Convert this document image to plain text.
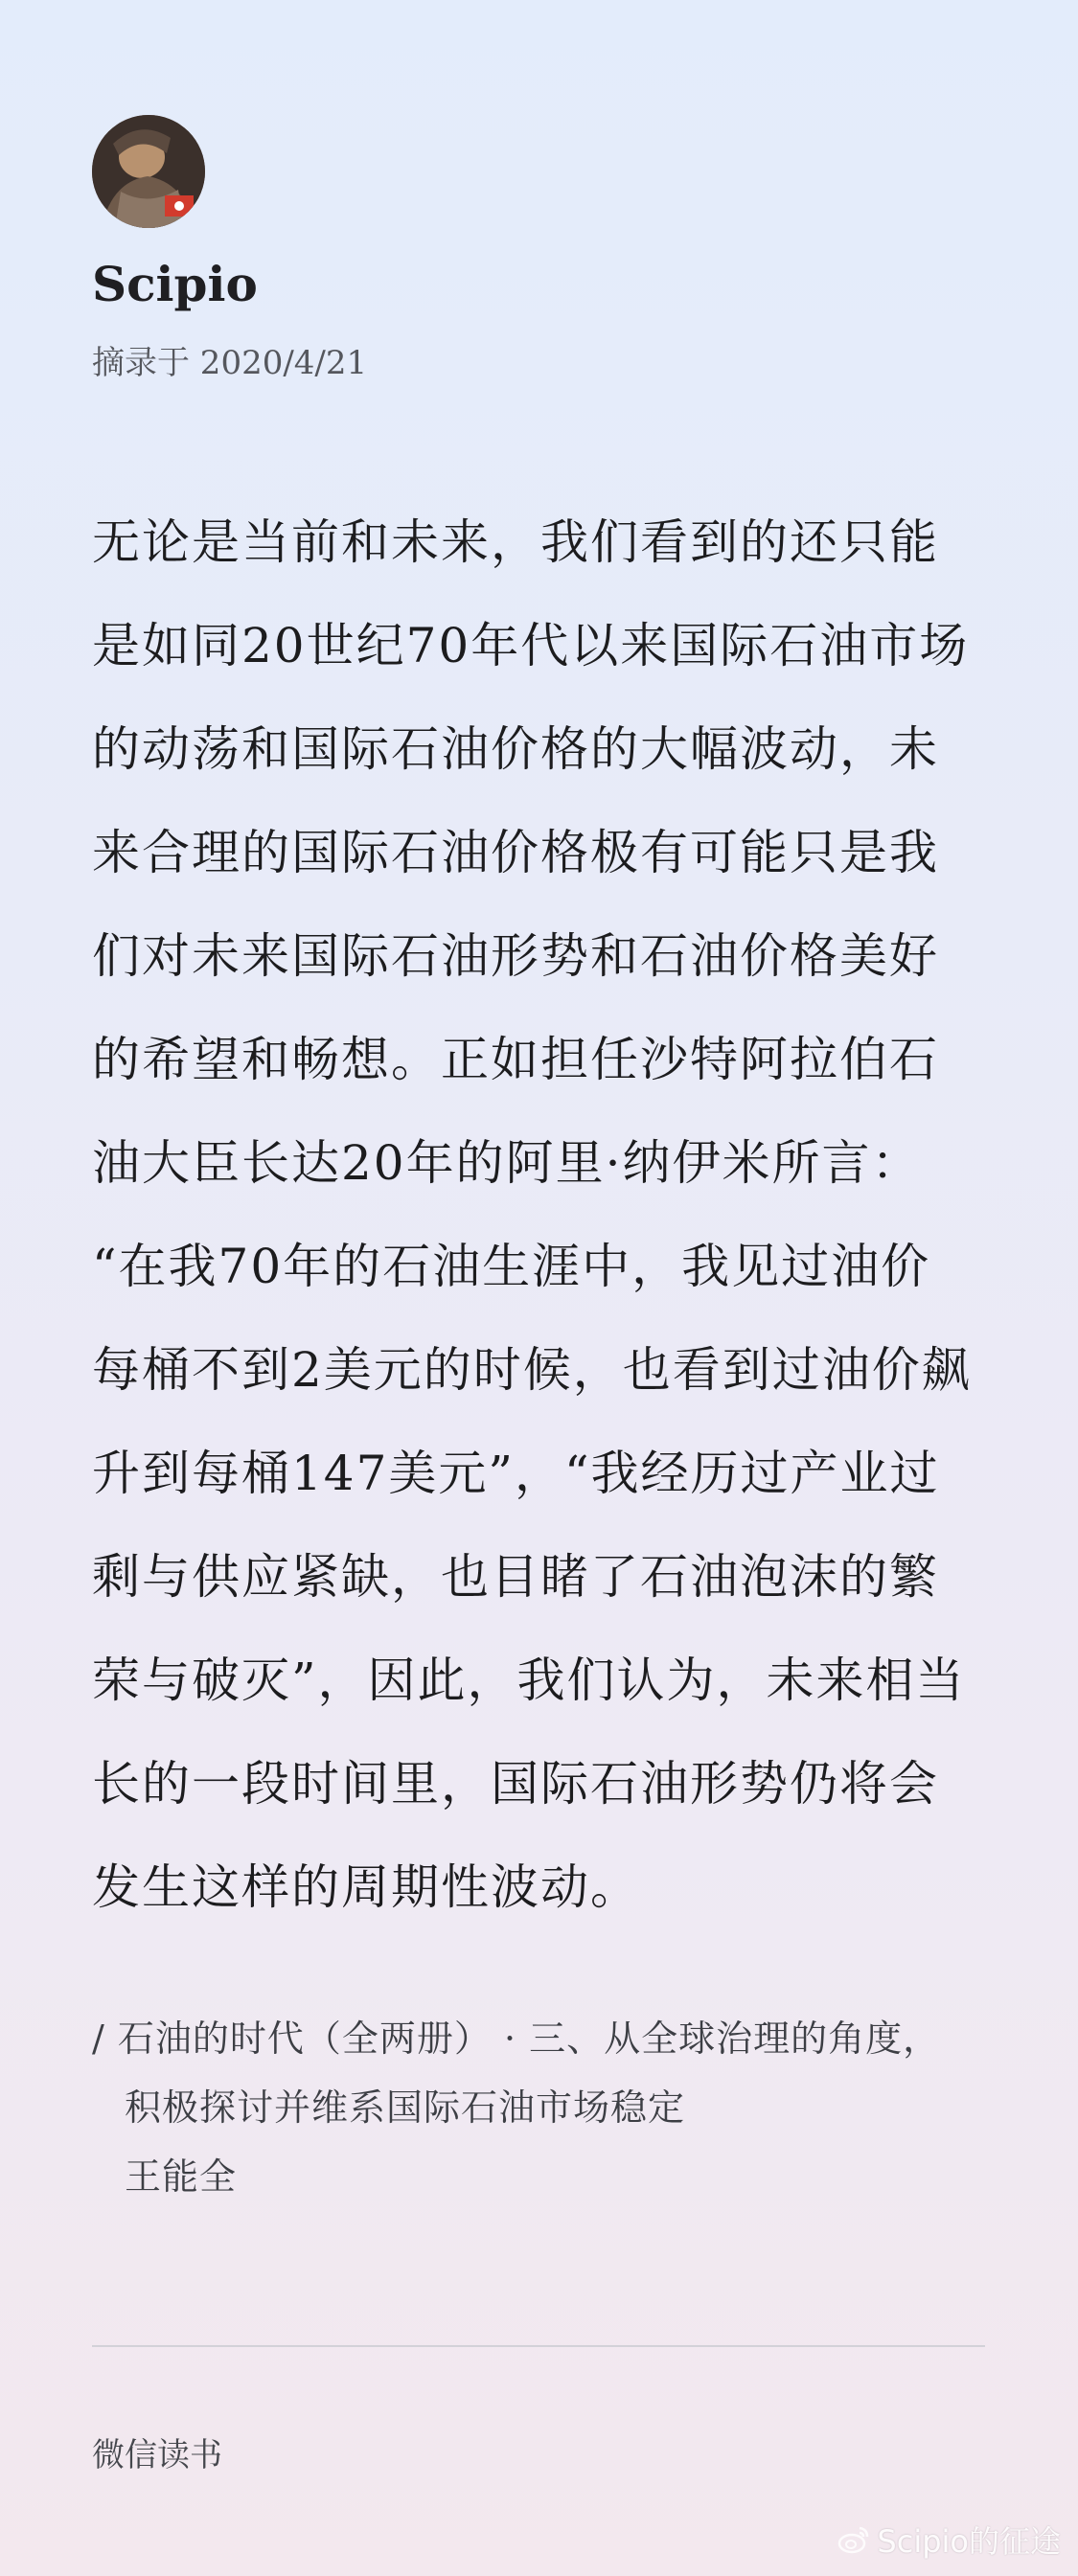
Scipio
摘录于 2020/4/21
无论是当前和未来，我们看到的还只能
是如同20世纪70年代以来国际石油市场
的动荡和国际石油价格的大幅波动，未
来合理的国际石油价格极有可能只是我
们对未来国际石油形势和石油价格美好
的希望和畅想。正如担任沙特阿拉伯石
油大臣长达20年的阿里·纳伊米所言：
“在我70年的石油生涯中，我见过油价
每桶不到2美元的时候，也看到过油价飙
升到每桶147美元”，“我经历过产业过
剩与供应紧缺，也目睹了石油泡沫的繁
荣与破灭”，因此，我们认为，未来相当
长的一段时间里，国际石油形势仍将会
发生这样的周期性波动。
/ 石油的时代（全两册） · 三、从全球治理的角度，
积极探讨并维系国际石油市场稳定
王能全
微信读书
Scipio的征途
